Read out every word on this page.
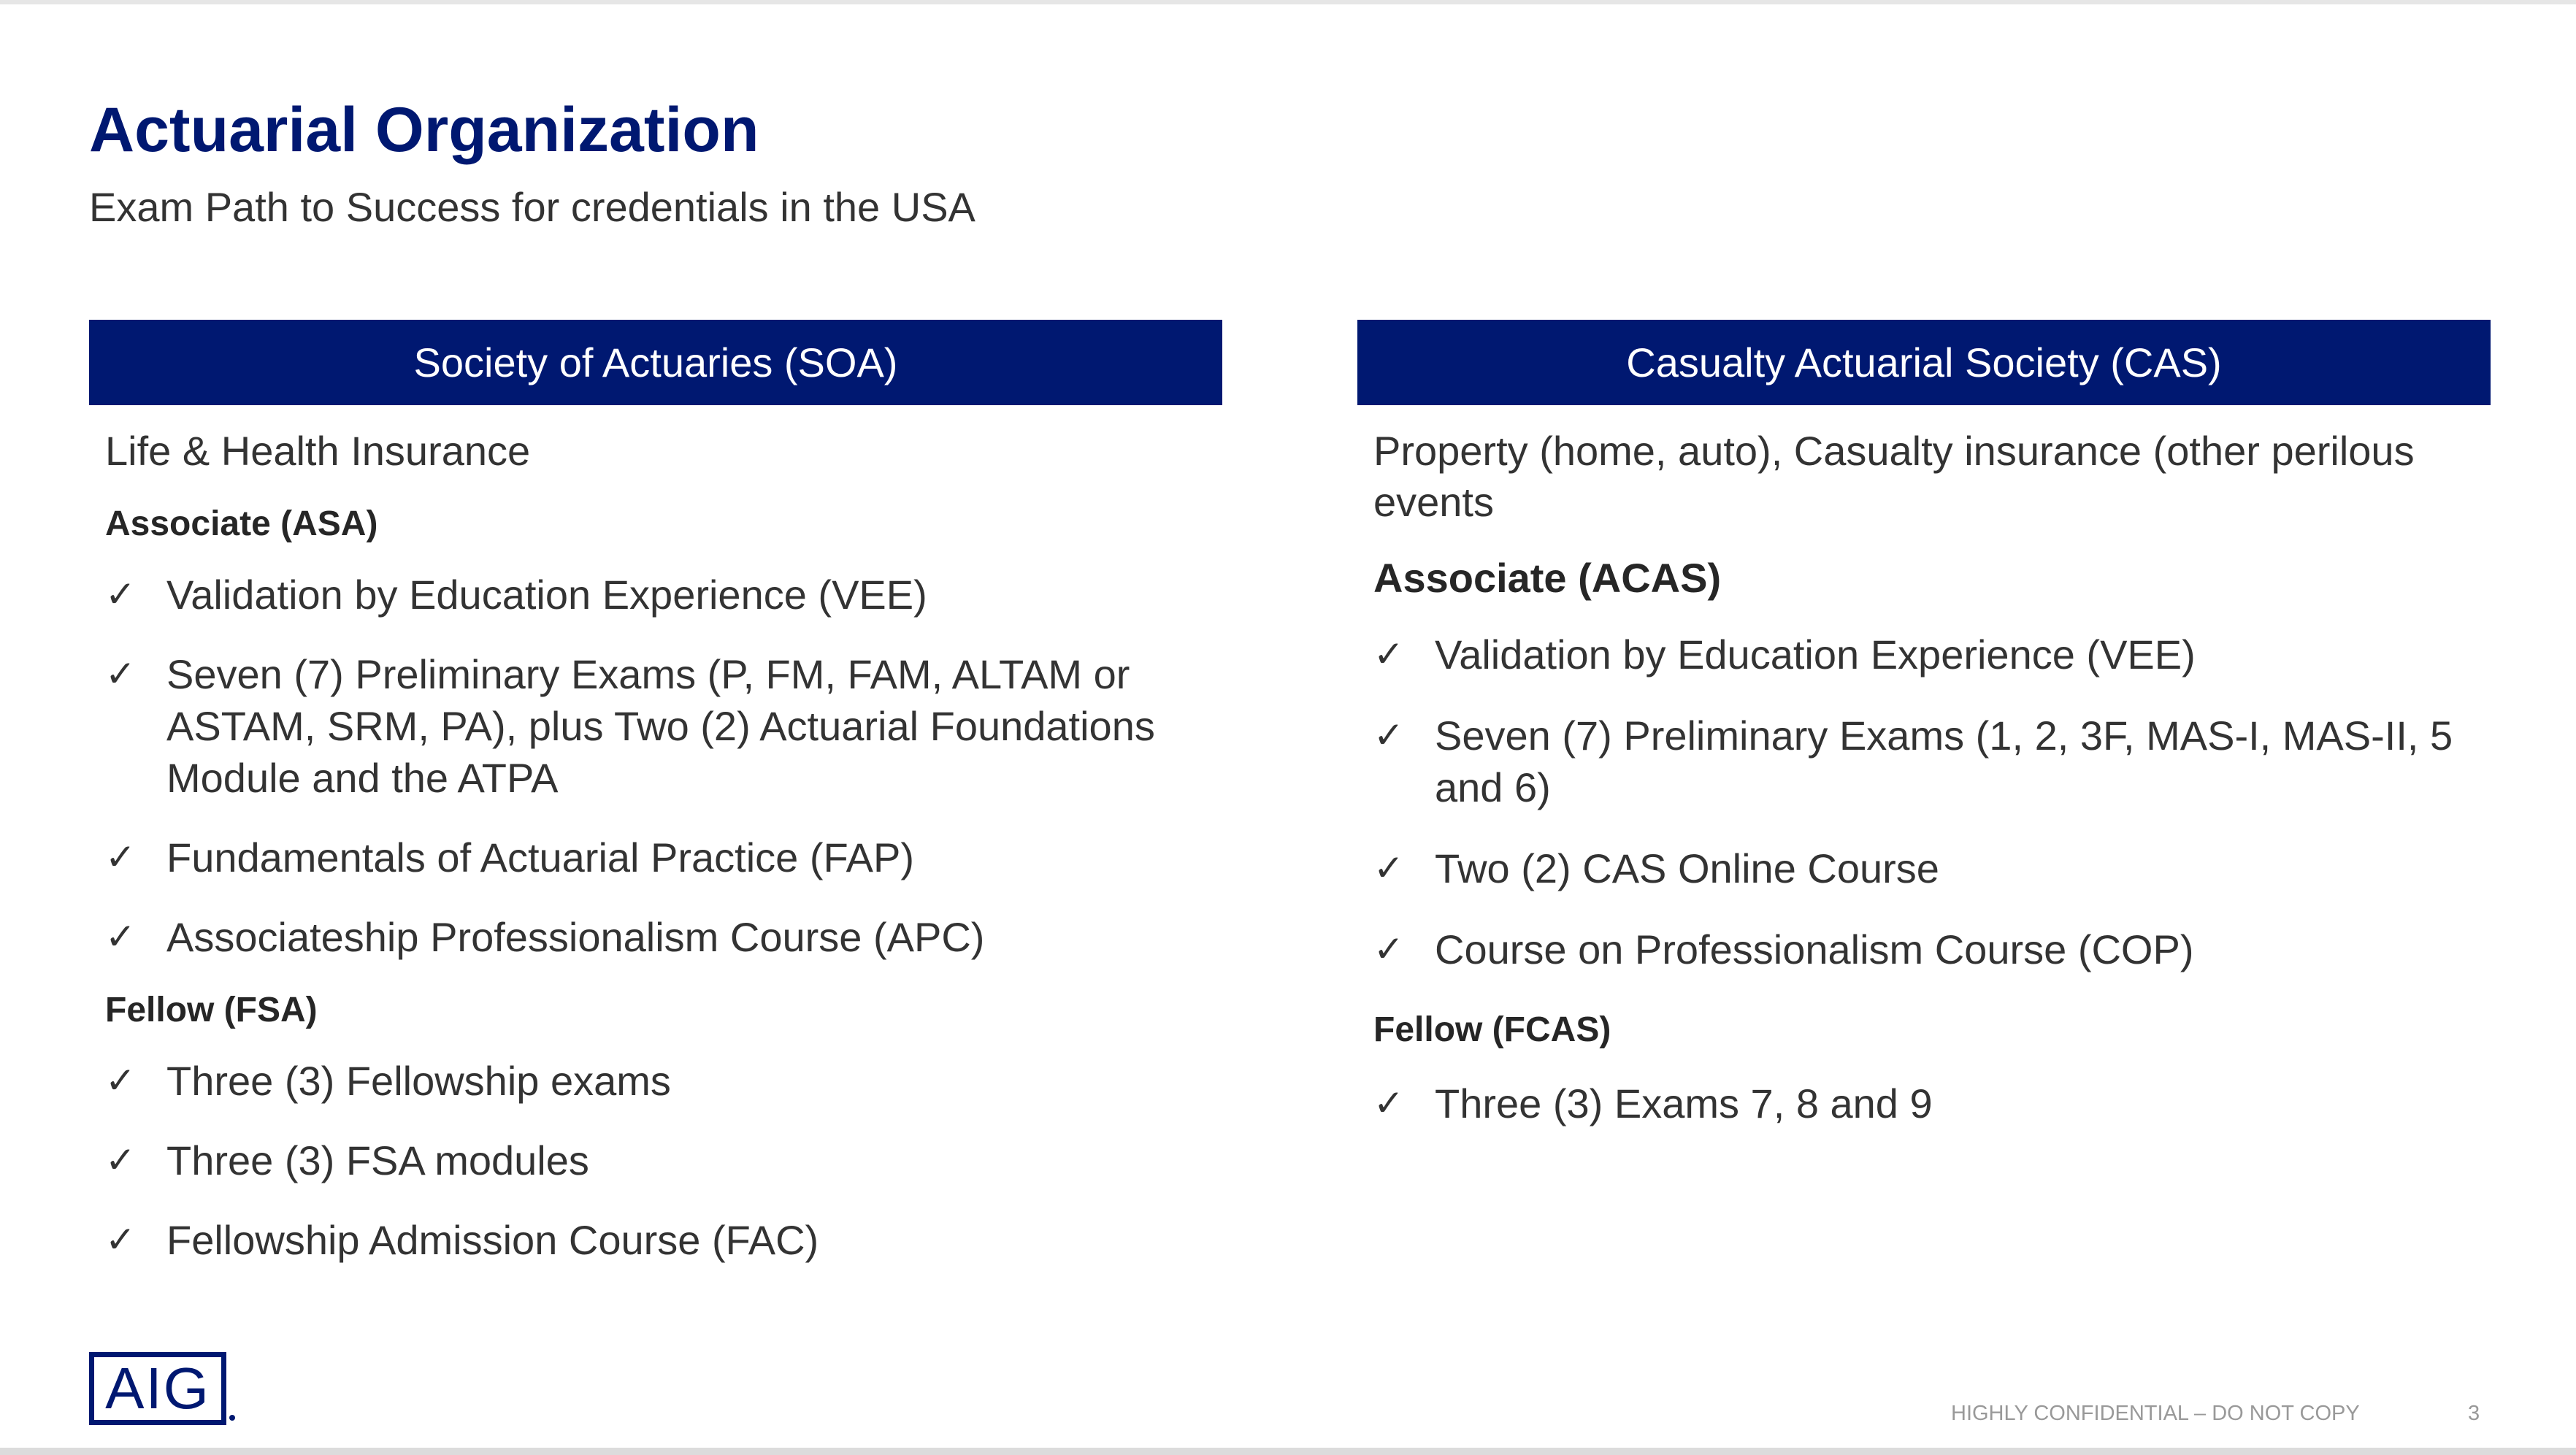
Actuarial Organization
Exam Path to Success for credentials in the USA
Society of Actuaries (SOA)
Life & Health Insurance
Associate (ASA)
✓ Validation by Education Experience (VEE)
✓ Seven (7) Preliminary Exams (P, FM, FAM, ALTAM or ASTAM, SRM, PA), plus Two (2) Actuarial Foundations Module and the ATPA
✓ Fundamentals of Actuarial Practice (FAP)
✓ Associateship Professionalism Course (APC)
Fellow (FSA)
✓ Three (3) Fellowship exams
✓ Three (3) FSA modules
✓ Fellowship Admission Course (FAC)
Casualty Actuarial Society (CAS)
Property (home, auto), Casualty insurance (other perilous events
Associate (ACAS)
✓ Validation by Education Experience (VEE)
✓ Seven (7) Preliminary Exams (1, 2, 3F, MAS-I, MAS-II, 5 and 6)
✓ Two (2) CAS Online Course
✓ Course on Professionalism Course (COP)
Fellow (FCAS)
✓ Three (3) Exams 7, 8 and 9
AIG	HIGHLY CONFIDENTIAL – DO NOT COPY	3
